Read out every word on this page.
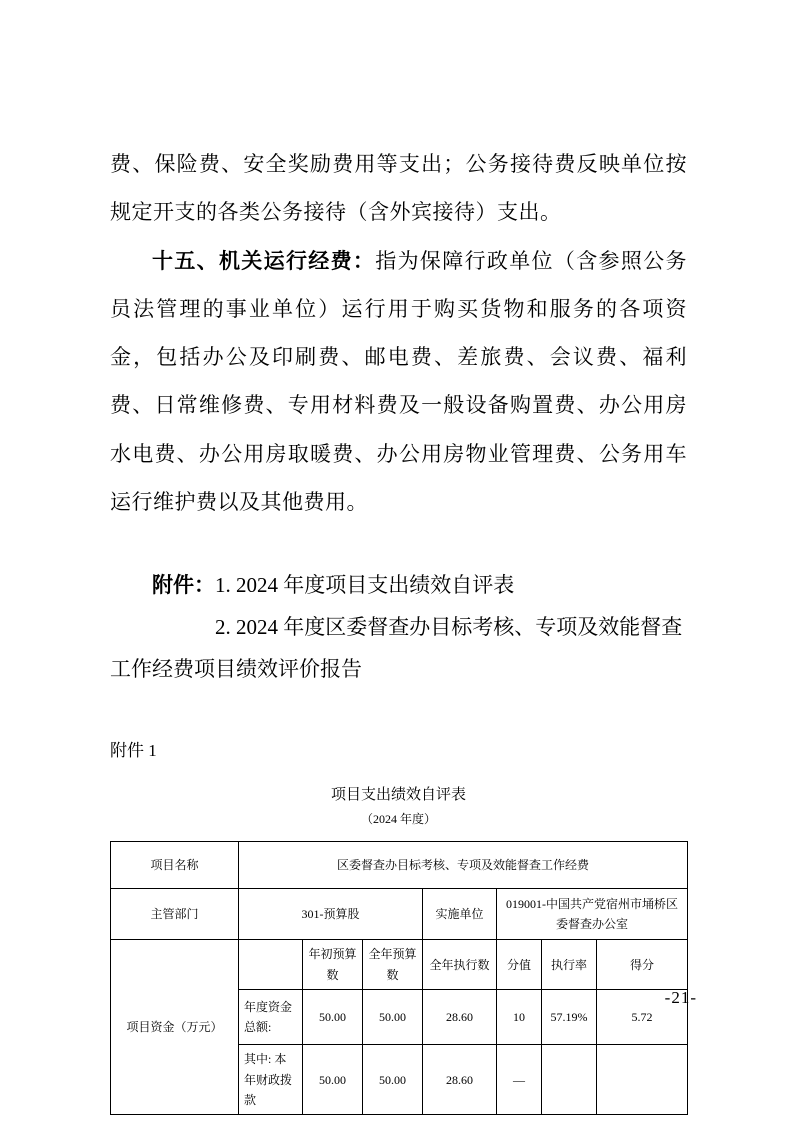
费、保险费、安全奖励费用等支出；公务接待费反映单位按规定开支的各类公务接待（含外宾接待）支出。

十五、机关运行经费：指为保障行政单位（含参照公务员法管理的事业单位）运行用于购买货物和服务的各项资金，包括办公及印刷费、邮电费、差旅费、会议费、福利费、日常维修费、专用材料费及一般设备购置费、办公用房水电费、办公用房取暖费、办公用房物业管理费、公务用车运行维护费以及其他费用。

附件：1. 2024 年度项目支出绩效自评表
2. 2024 年度区委督查办目标考核、专项及效能督查
工作经费项目绩效评价报告
附件 1
项目支出绩效自评表
（2024 年度）
项目名称	区委督查办目标考核、专项及效能督查工作经费						
主管部门	301-预算股			实施单位	019001-中国共产党宿州市埇桥区委督查办公室		
项目资金（万元）		年初预算数	全年预算数	全年执行数	分值	执行率	得分
	年度资金总额:	50.00	50.00	28.60	10	57.19%	5.72
	其中: 本年财政拨款	50.00	50.00	28.60	—		
-21-
